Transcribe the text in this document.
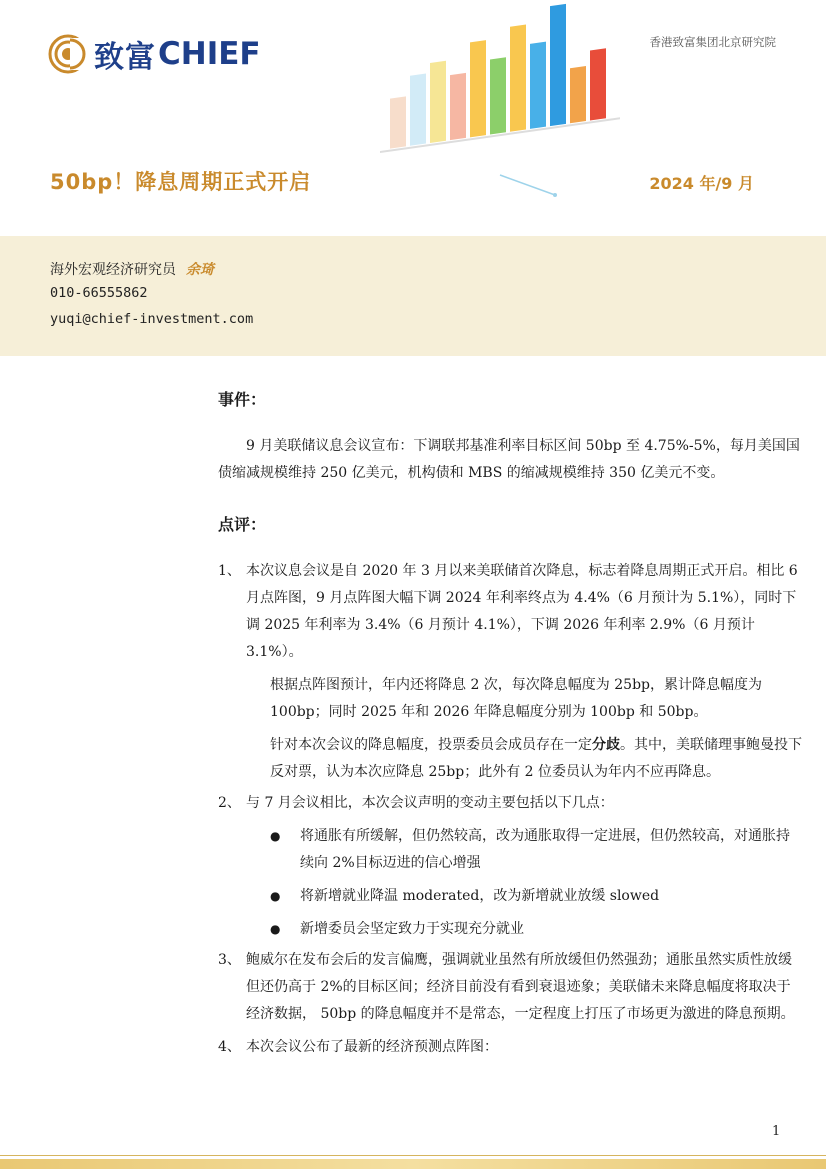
致富 CHIEF	香港致富集团北京研究院
50bp！降息周期正式开启	2024 年/9 月
海外宏观经济研究员 余琦
010-66555862
yuqi@chief-investment.com

事件：

9 月美联储议息会议宣布：下调联邦基准利率目标区间 50bp 至 4.75%-5%，每月美国国债缩减规模维持 250 亿美元，机构债和 MBS 的缩减规模维持 350 亿美元不变。

点评：

1、 本次议息会议是自 2020 年 3 月以来美联储首次降息，标志着降息周期正式开启。相比 6 月点阵图，9 月点阵图大幅下调 2024 年利率终点为 4.4%（6 月预计为 5.1%），同时下调 2025 年利率为 3.4%（6 月预计 4.1%），下调 2026 年利率 2.9%（6 月预计 3.1%）。

根据点阵图预计，年内还将降息 2 次，每次降息幅度为 25bp，累计降息幅度为 100bp；同时 2025 年和 2026 年降息幅度分别为 100bp 和 50bp。

针对本次会议的降息幅度，投票委员会成员存在一定分歧。其中，美联储理事鲍曼投下反对票，认为本次应降息 25bp；此外有 2 位委员认为年内不应再降息。

2、 与 7 月会议相比，本次会议声明的变动主要包括以下几点：
●	将通胀有所缓解，但仍然较高，改为通胀取得一定进展，但仍然较高，对通胀持续向 2%目标迈进的信心增强
●	将新增就业降温 moderated，改为新增就业放缓 slowed
●	新增委员会坚定致力于实现充分就业
3、 鲍威尔在发布会后的发言偏鹰，强调就业虽然有所放缓但仍然强劲；通胀虽然实质性放缓但还仍高于 2%的目标区间；经济目前没有看到衰退迹象；美联储未来降息幅度将取决于经济数据， 50bp 的降息幅度并不是常态，一定程度上打压了市场更为激进的降息预期。
4、 本次会议公布了最新的经济预测点阵图：
1
